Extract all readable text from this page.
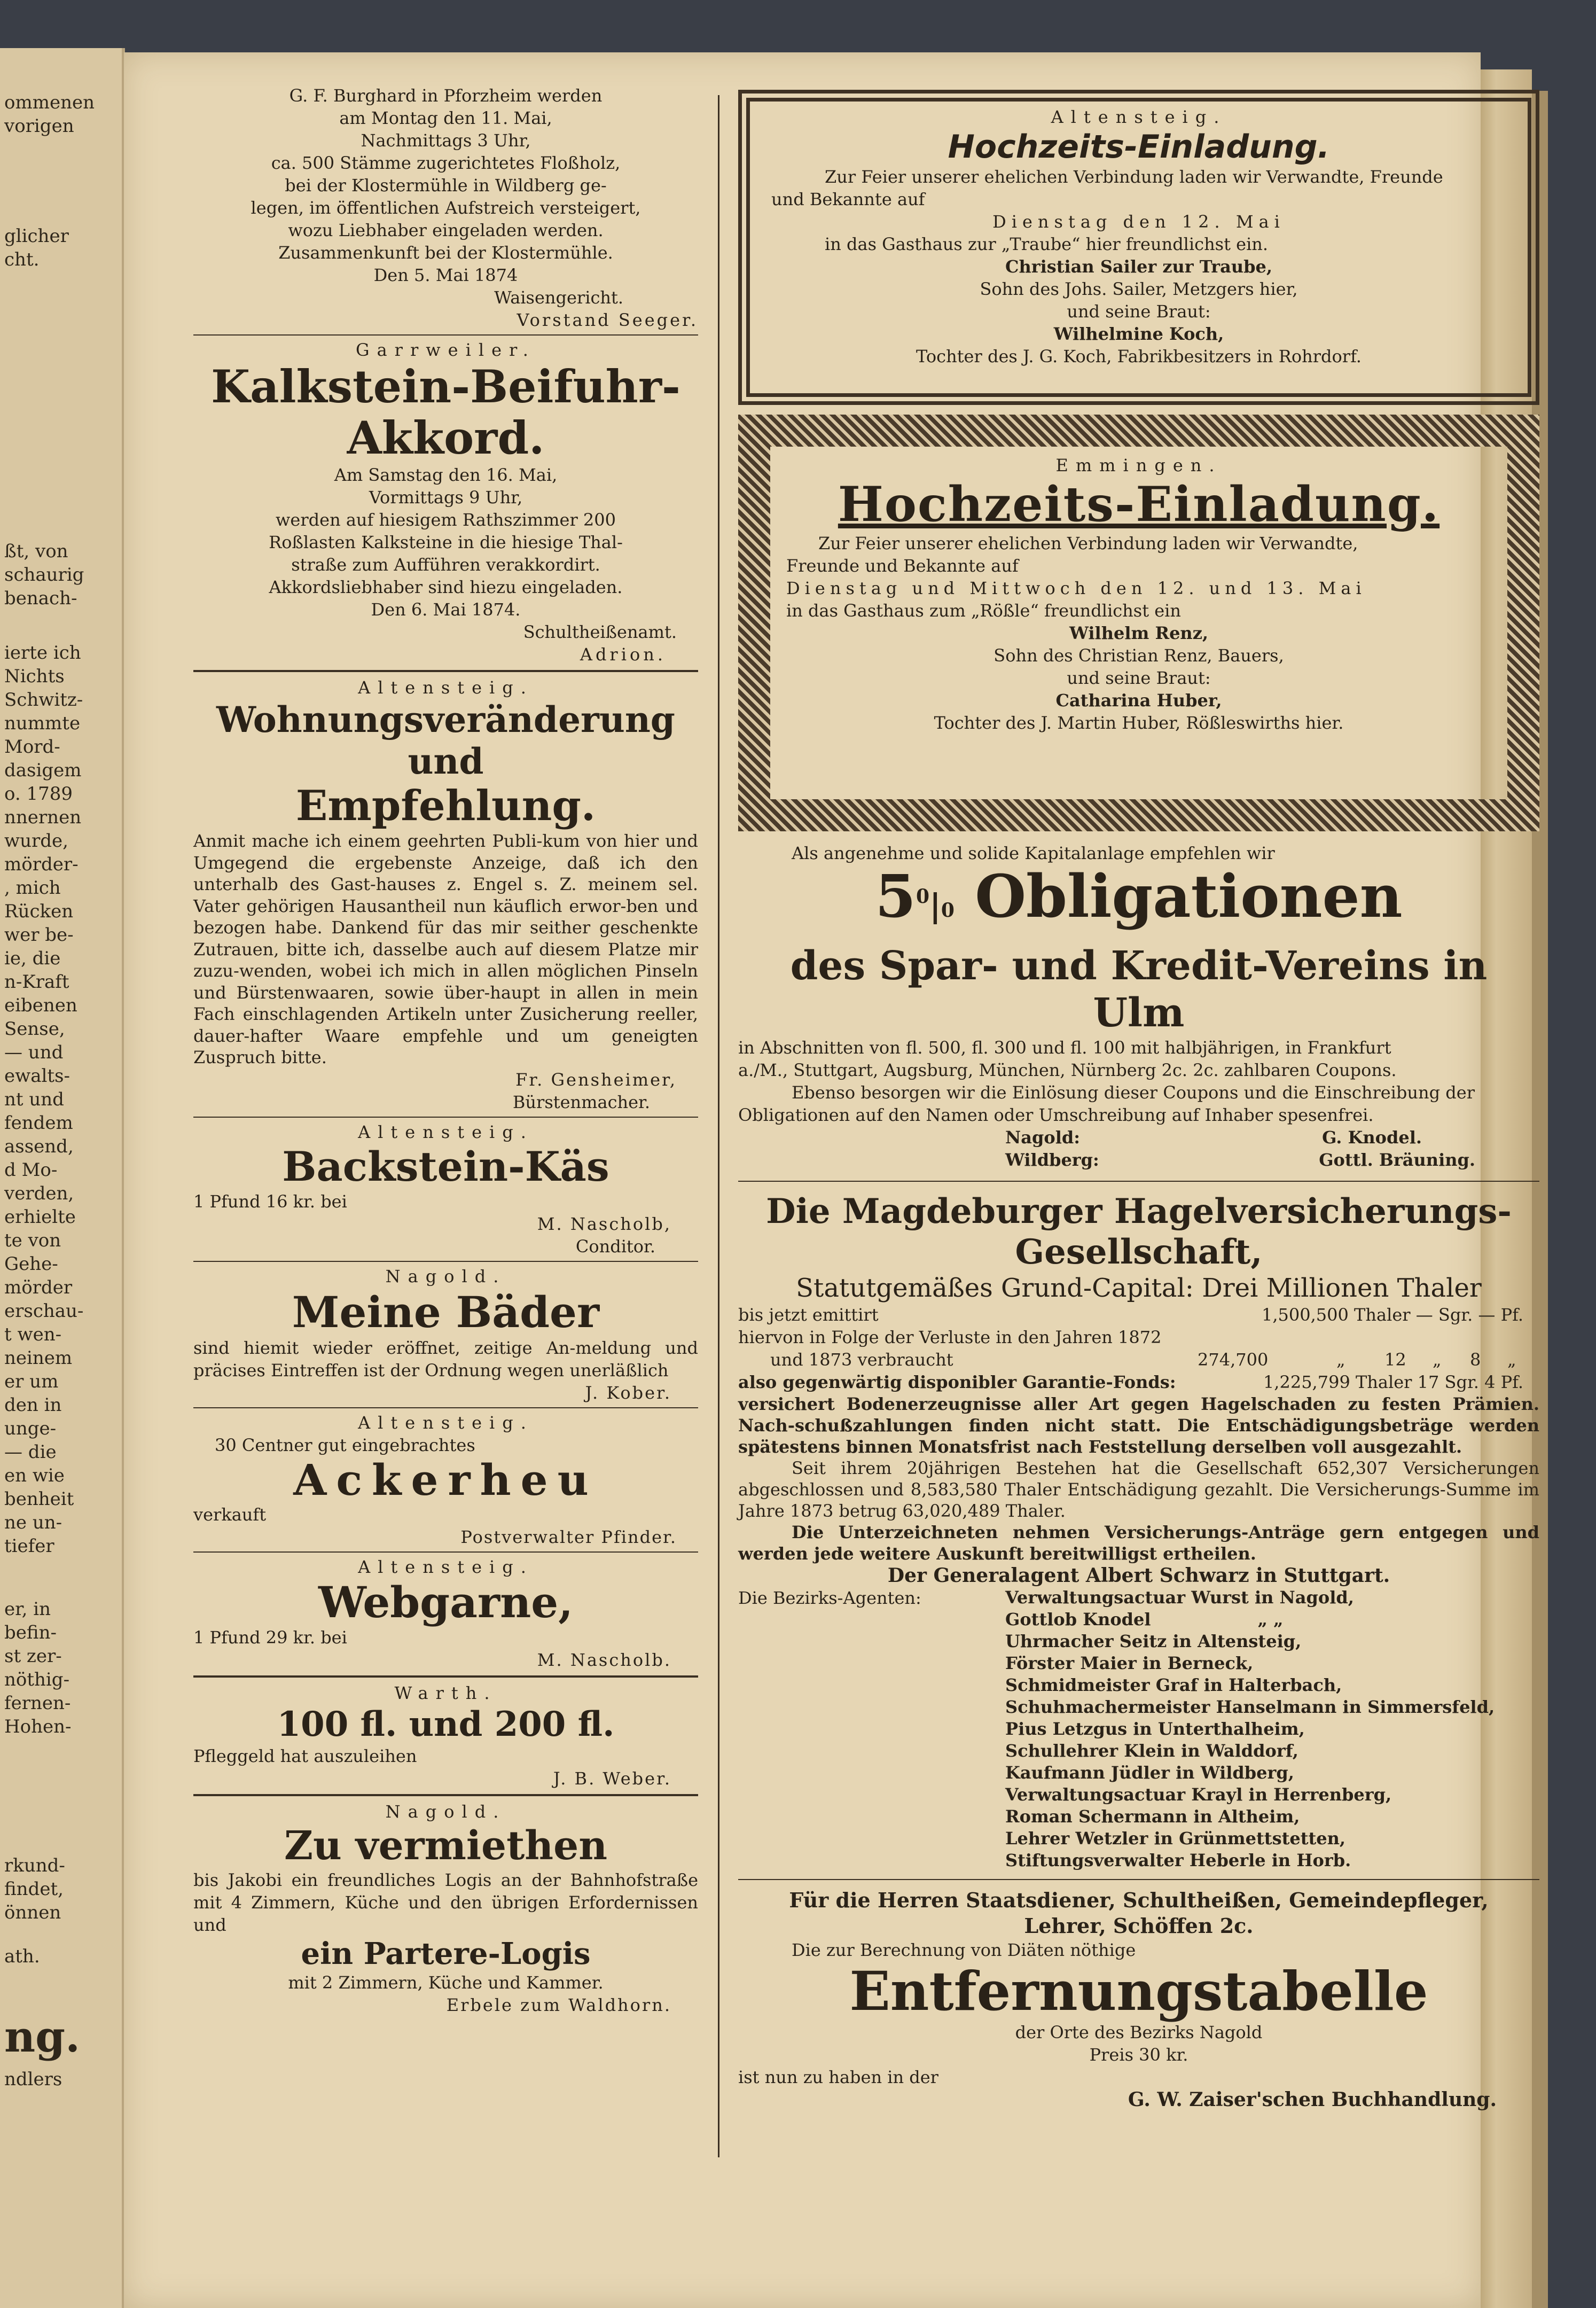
ommenen
vorigen
glicher
cht.
ßt, von
schaurig
benach-
ierte ich
Nichts
Schwitz-
nummte
Mord-
dasigem
o. 1789
nnernen
wurde,
mörder-
, mich
Rücken
wer be-
ie, die
n-Kraft
eibenen
Sense,
— und
ewalts-
nt und
fendem
assend,
d Mo-
verden,
erhielte
te von
Gehe-
mörder
erschau-
t wen-
neinem
er um
den in
unge-
— die
en wie
benheit
ne un-
tiefer
er, in
befin-
st zer-
nöthig-
fernen-
Hohen-
rkund-
findet,
önnen
ath.
ng.
ndlers
G. F. Burghard in Pforzheim werden
am Montag den 11. Mai,
Nachmittags 3 Uhr,
ca. 500 Stämme zugerichtetes Floßholz,
bei der Klostermühle in Wildberg ge-
legen, im öffentlichen Aufstreich versteigert,
wozu Liebhaber eingeladen werden.
Zusammenkunft bei der Klostermühle.
Den 5. Mai 1874
Waisengericht.
Vorstand Seeger.
Garrweiler.
Kalkstein-Beifuhr-
Akkord.
Am Samstag den 16. Mai,
Vormittags 9 Uhr,
werden auf hiesigem Rathszimmer 200
Roßlasten Kalksteine in die hiesige Thal-
straße zum Aufführen verakkordirt.
Akkordsliebhaber sind hiezu eingeladen.
Den 6. Mai 1874.
Schultheißenamt.
Adrion.
Altensteig.
Wohnungsveränderung und
Empfehlung.
Anmit mache ich einem geehrten Publi-kum von hier und Umgegend die ergebenste Anzeige, daß ich den unterhalb des Gast-hauses z. Engel s. Z. meinem sel. Vater gehörigen Hausantheil nun käuflich erwor-ben und bezogen habe. Dankend für das mir seither geschenkte Zutrauen, bitte ich, dasselbe auch auf diesem Platze mir zuzu-wenden, wobei ich mich in allen möglichen Pinseln und Bürstenwaaren, sowie über-haupt in allen in mein Fach einschlagenden Artikeln unter Zusicherung reeller, dauer-hafter Waare empfehle und um geneigten Zuspruch bitte.
Fr. Gensheimer,
Bürstenmacher.
Altensteig.
Backstein-Käs
1 Pfund 16 kr. bei
M. Nascholb,
Conditor.
Nagold.
Meine Bäder
sind hiemit wieder eröffnet, zeitige An-meldung und präcises Eintreffen ist der Ordnung wegen unerläßlich
J. Kober.
Altensteig.
30 Centner gut eingebrachtes
Ackerheu
verkauft
Postverwalter Pfinder.
Altensteig.
Webgarne,
1 Pfund 29 kr. bei
M. Nascholb.
Warth.
100 fl. und 200 fl.
Pfleggeld hat auszuleihen
J. B. Weber.
Nagold.
Zu vermiethen
bis Jakobi ein freundliches Logis an der Bahnhofstraße mit 4 Zimmern, Küche und den übrigen Erfordernissen und
ein Partere-Logis
mit 2 Zimmern, Küche und Kammer.
Erbele zum Waldhorn.
Altensteig.
Hochzeits-Einladung.
Zur Feier unserer ehelichen Verbindung laden wir Verwandte, Freunde
und Bekannte auf
Dienstag den 12. Mai
in das Gasthaus zur „Traube“ hier freundlichst ein.
Christian Sailer zur Traube,
Sohn des Johs. Sailer, Metzgers hier,
und seine Braut:
Wilhelmine Koch,
Tochter des J. G. Koch, Fabrikbesitzers in Rohrdorf.
Emmingen.
Hochzeits-Einladung.
Zur Feier unserer ehelichen Verbindung laden wir Verwandte,
Freunde und Bekannte auf
Dienstag und Mittwoch den 12. und 13. Mai
in das Gasthaus zum „Rößle“ freundlichst ein
Wilhelm Renz,
Sohn des Christian Renz, Bauers,
und seine Braut:
Catharina Huber,
Tochter des J. Martin Huber, Rößleswirths hier.
Als angenehme und solide Kapitalanlage empfehlen wir
$5^0|0$ Obligationen
des Spar- und Kredit-Vereins in Ulm
in Abschnitten von fl. 500, fl. 300 und fl. 100 mit halbjährigen, in Frankfurt
a./M., Stuttgart, Augsburg, München, Nürnberg 2c. 2c. zahlbaren Coupons.
Ebenso besorgen wir die Einlösung dieser Coupons und die Einschreibung der
Obligationen auf den Namen oder Umschreibung auf Inhaber spesenfrei.
Nagold:	G. Knodel.
Wildberg:	Gottl. Bräuning.
Die Magdeburger Hagelversicherungs-Gesellschaft,
Statutgemäßes Grund-Capital: Drei Millionen Thaler
bis jetzt emittirt	1,500,500 Thaler — Sgr. — Pf.
hiervon in Folge der Verluste in den Jahren 1872
und 1873 verbraucht	274,700	„	12	„	8	„
also gegenwärtig disponibler Garantie-Fonds:	1,225,799 Thaler 17 Sgr. 4 Pf.
versichert Bodenerzeugnisse aller Art gegen Hagelschaden zu festen Prämien. Nach-schußzahlungen finden nicht statt. Die Entschädigungsbeträge werden spätestens binnen Monatsfrist nach Feststellung derselben voll ausgezahlt.
Seit ihrem 20jährigen Bestehen hat die Gesellschaft 652,307 Versicherungen abgeschlossen und 8,583,580 Thaler Entschädigung gezahlt. Die Versicherungs-Summe im Jahre 1873 betrug 63,020,489 Thaler.
Die Unterzeichneten nehmen Versicherungs-Anträge gern entgegen und werden jede weitere Auskunft bereitwilligst ertheilen.
Der Generalagent Albert Schwarz in Stuttgart.
Die Bezirks-Agenten:	Verwaltungsactuar Wurst in Nagold,
Gottlob Knodel	„ „
Uhrmacher Seitz in Altensteig,
Förster Maier in Berneck,
Schmidmeister Graf in Halterbach,
Schuhmachermeister Hanselmann in Simmersfeld,
Pius Letzgus in Unterthalheim,
Schullehrer Klein in Walddorf,
Kaufmann Jüdler in Wildberg,
Verwaltungsactuar Krayl in Herrenberg,
Roman Schermann in Altheim,
Lehrer Wetzler in Grünmettstetten,
Stiftungsverwalter Heberle in Horb.
Für die Herren Staatsdiener, Schultheißen, Gemeindepfleger,
Lehrer, Schöffen 2c.
Die zur Berechnung von Diäten nöthige
Entfernungstabelle
der Orte des Bezirks Nagold
Preis 30 kr.
ist nun zu haben in der
G. W. Zaiser'schen Buchhandlung.
